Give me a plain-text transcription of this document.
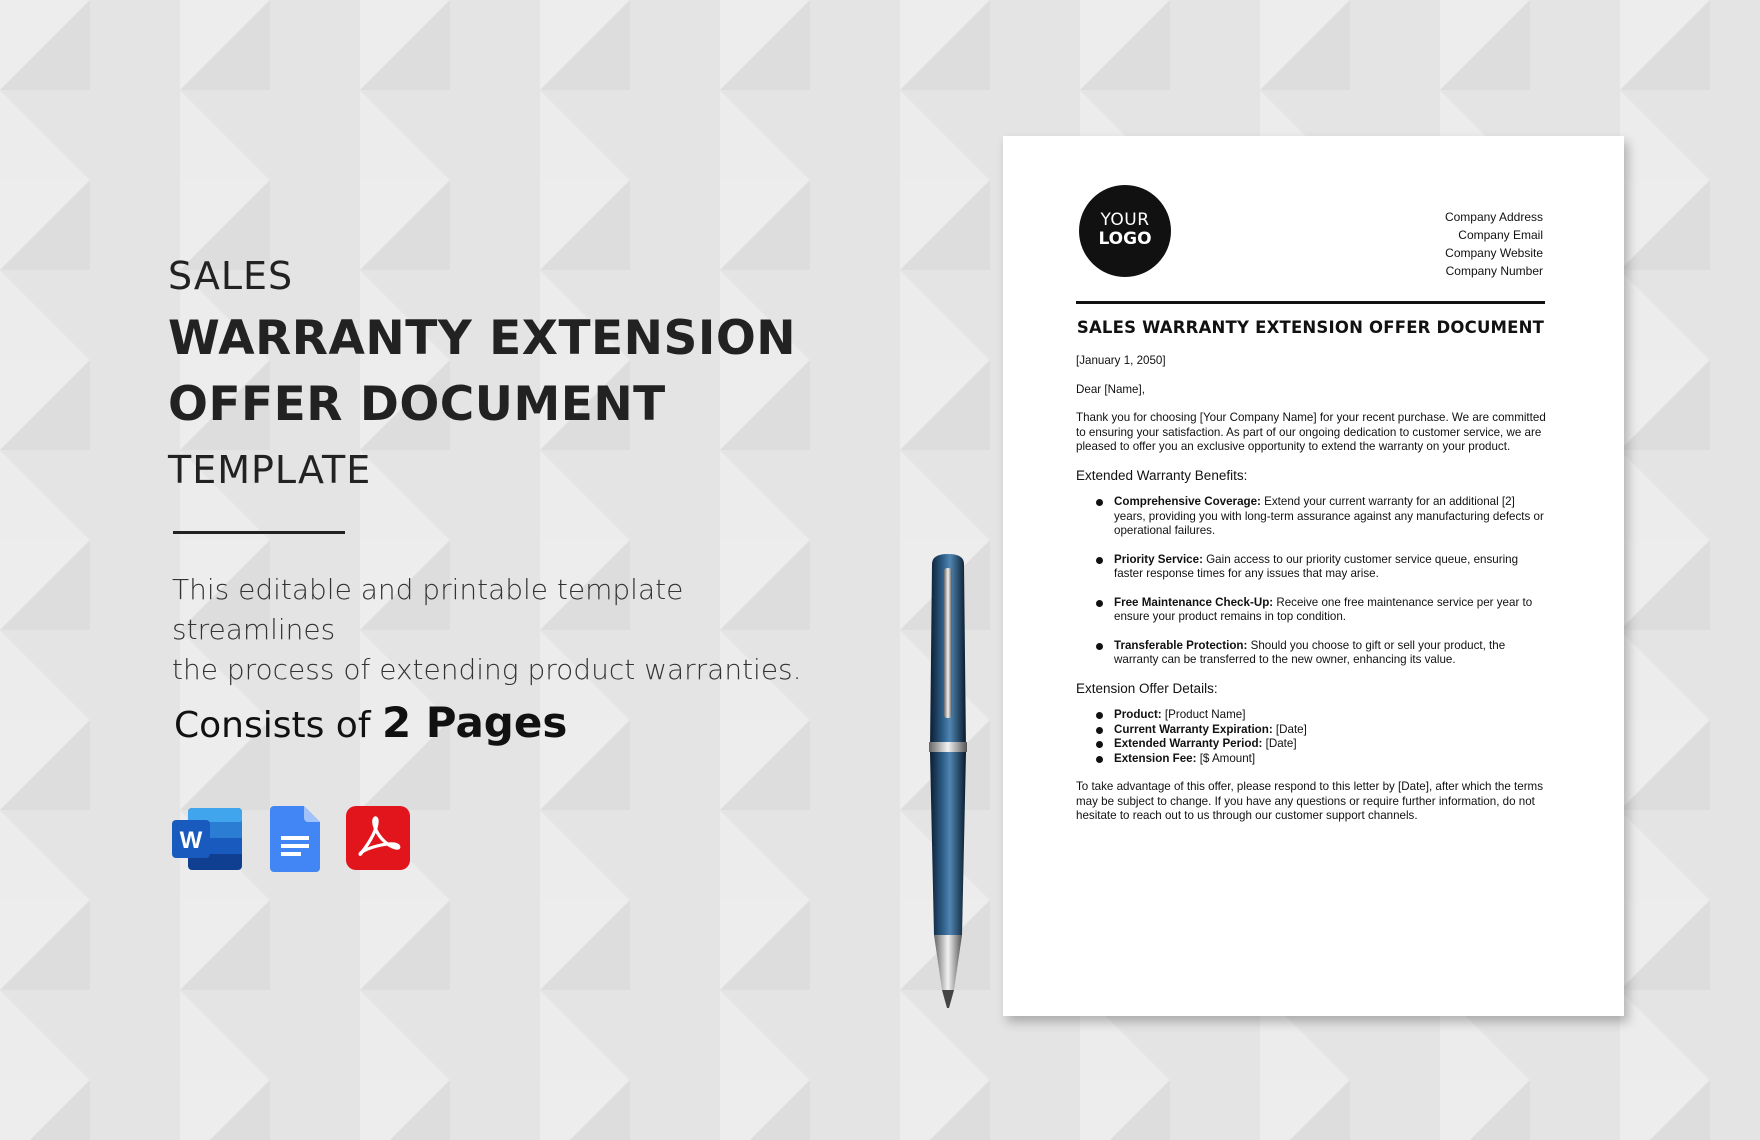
SALES

WARRANTY EXTENSION
OFFER DOCUMENT

TEMPLATE

This editable and printable template streamlines
the process of extending product warranties.
Consists of 2 Pages
W
YOUR
LOGO
Company Address
Company Email
Company Website
Company Number
SALES WARRANTY EXTENSION OFFER DOCUMENT

[January 1, 2050]

Dear [Name],

Thank you for choosing [Your Company Name] for your recent purchase. We are committed to ensuring your satisfaction. As part of our ongoing dedication to customer service, we are pleased to offer you an exclusive opportunity to extend the warranty on your product.

Extended Warranty Benefits:
Comprehensive Coverage: Extend your current warranty for an additional [2] years, providing you with long-term assurance against any manufacturing defects or operational failures.
Priority Service: Gain access to our priority customer service queue, ensuring faster response times for any issues that may arise.
Free Maintenance Check-Up: Receive one free maintenance service per year to ensure your product remains in top condition.
Transferable Protection: Should you choose to gift or sell your product, the warranty can be transferred to the new owner, enhancing its value.
Extension Offer Details:
Product: [Product Name]
Current Warranty Expiration: [Date]
Extended Warranty Period: [Date]
Extension Fee: [$ Amount]

To take advantage of this offer, please respond to this letter by [Date], after which the terms may be subject to change. If you have any questions or require further information, do not hesitate to reach out to us through our customer support channels.
